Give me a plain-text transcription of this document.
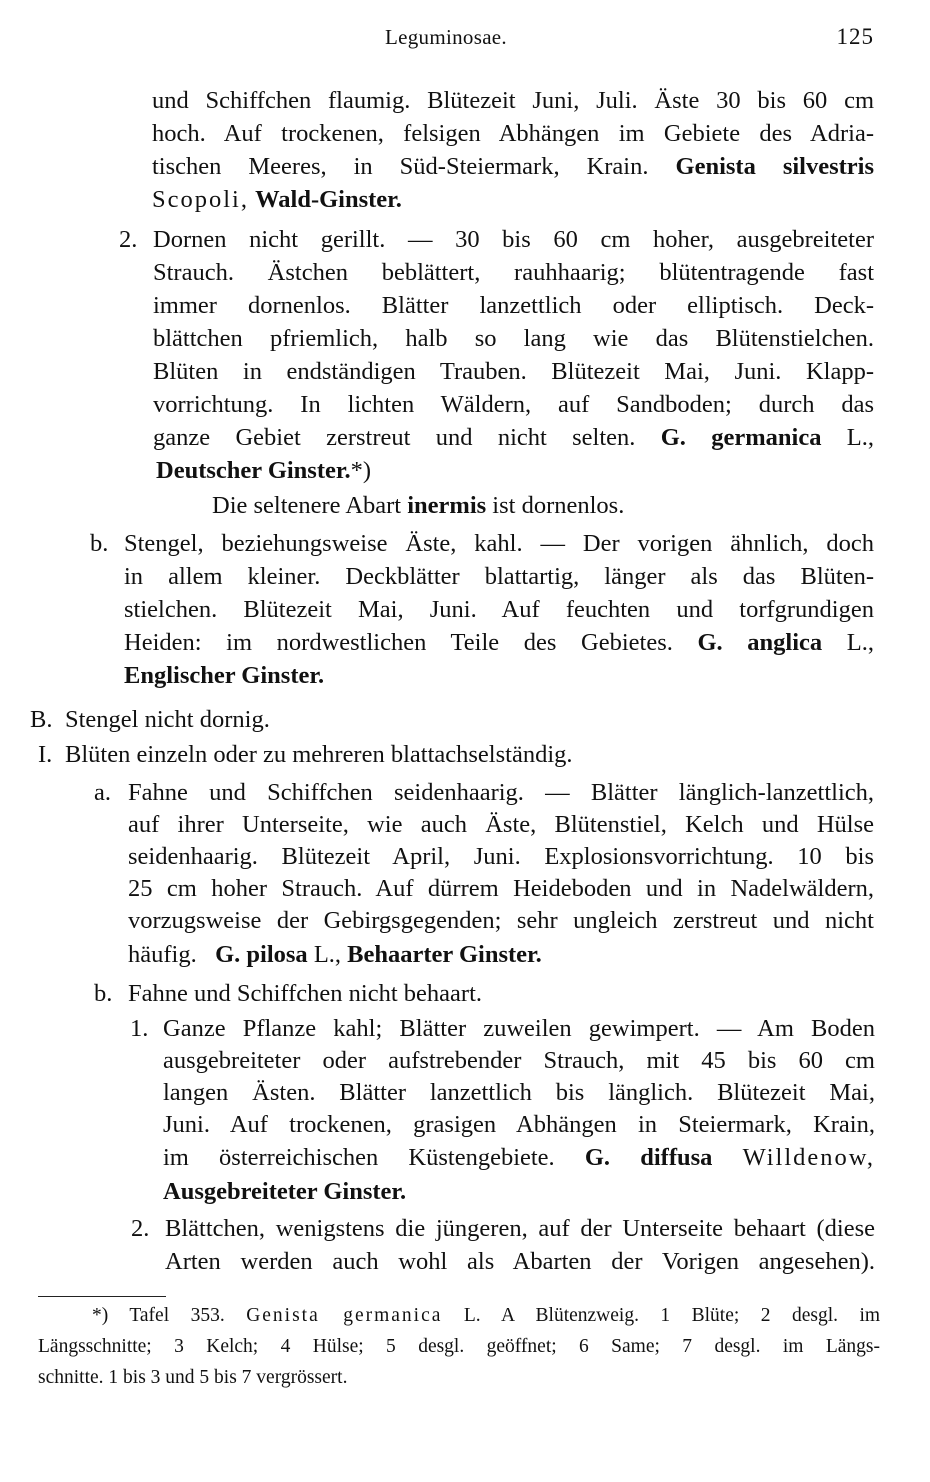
Leguminosae.	125
und Schiffchen flaumig. Blütezeit Juni, Juli. Äste 30 bis 60 cm
hoch. Auf trockenen, felsigen Abhängen im Gebiete des Adria-
tischen Meeres, in Süd-Steiermark, Krain. Genista silvestris
Scopoli, Wald-Ginster.
2. Dornen nicht gerillt. — 30 bis 60 cm hoher, ausgebreiteter
Strauch. Ästchen beblättert, rauhhaarig; blütentragende fast
immer dornenlos. Blätter lanzettlich oder elliptisch. Deck-
blättchen pfriemlich, halb so lang wie das Blütenstielchen.
Blüten in endständigen Trauben. Blütezeit Mai, Juni. Klapp-
vorrichtung. In lichten Wäldern, auf Sandboden; durch das
ganze Gebiet zerstreut und nicht selten. G. germanica L.,
Deutscher Ginster.*)
Die seltenere Abart inermis ist dornenlos.
b. Stengel, beziehungsweise Äste, kahl. — Der vorigen ähnlich, doch
in allem kleiner. Deckblätter blattartig, länger als das Blüten-
stielchen. Blütezeit Mai, Juni. Auf feuchten und torfgrundigen
Heiden: im nordwestlichen Teile des Gebietes. G. anglica L.,
Englischer Ginster.
B. Stengel nicht dornig.
I. Blüten einzeln oder zu mehreren blattachselständig.
a. Fahne und Schiffchen seidenhaarig. — Blätter länglich-lanzettlich,
auf ihrer Unterseite, wie auch Äste, Blütenstiel, Kelch und Hülse
seidenhaarig. Blütezeit April, Juni. Explosionsvorrichtung. 10 bis
25 cm hoher Strauch. Auf dürrem Heideboden und in Nadelwäldern,
vorzugsweise der Gebirgsgegenden; sehr ungleich zerstreut und nicht
häufig. G. pilosa L., Behaarter Ginster.
b. Fahne und Schiffchen nicht behaart.
1. Ganze Pflanze kahl; Blätter zuweilen gewimpert. — Am Boden
ausgebreiteter oder aufstrebender Strauch, mit 45 bis 60 cm
langen Ästen. Blätter lanzettlich bis länglich. Blütezeit Mai,
Juni. Auf trockenen, grasigen Abhängen in Steiermark, Krain,
im österreichischen Küstengebiete. G. diffusa Willdenow,
Ausgebreiteter Ginster.
2. Blättchen, wenigstens die jüngeren, auf der Unterseite behaart (diese
Arten werden auch wohl als Abarten der Vorigen angesehen).
*) Tafel 353. Genista germanica L. A Blütenzweig. 1 Blüte; 2 desgl. im
Längsschnitte; 3 Kelch; 4 Hülse; 5 desgl. geöffnet; 6 Same; 7 desgl. im Längs-
schnitte. 1 bis 3 und 5 bis 7 vergrössert.
